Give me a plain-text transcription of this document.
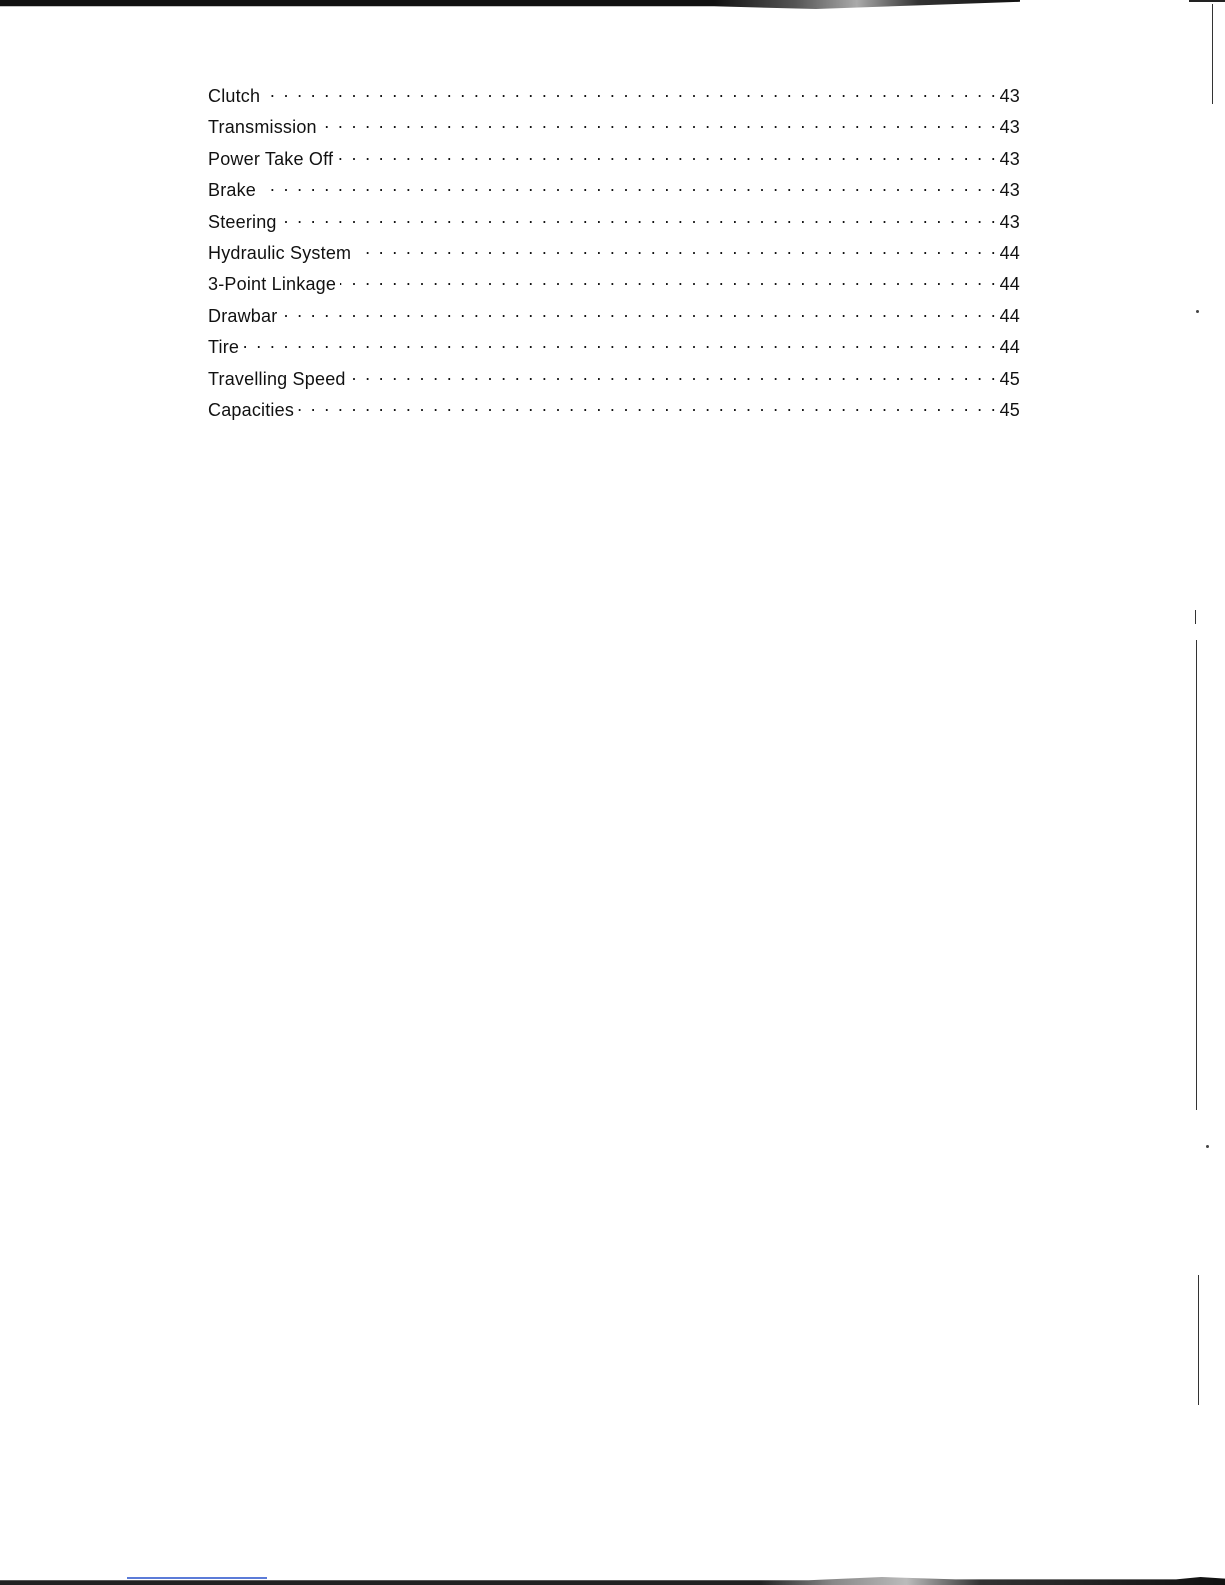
Clutch . . .	43
Transmission . . .	43
Power Take Off . . .	43
Brake . . .	43
Steering . . .	43
Hydraulic System . . .	44
3-Point Linkage . . .	44
Drawbar . . .	44
Tire . . .	44
Travelling Speed . . .	45
Capacities . . .	45
